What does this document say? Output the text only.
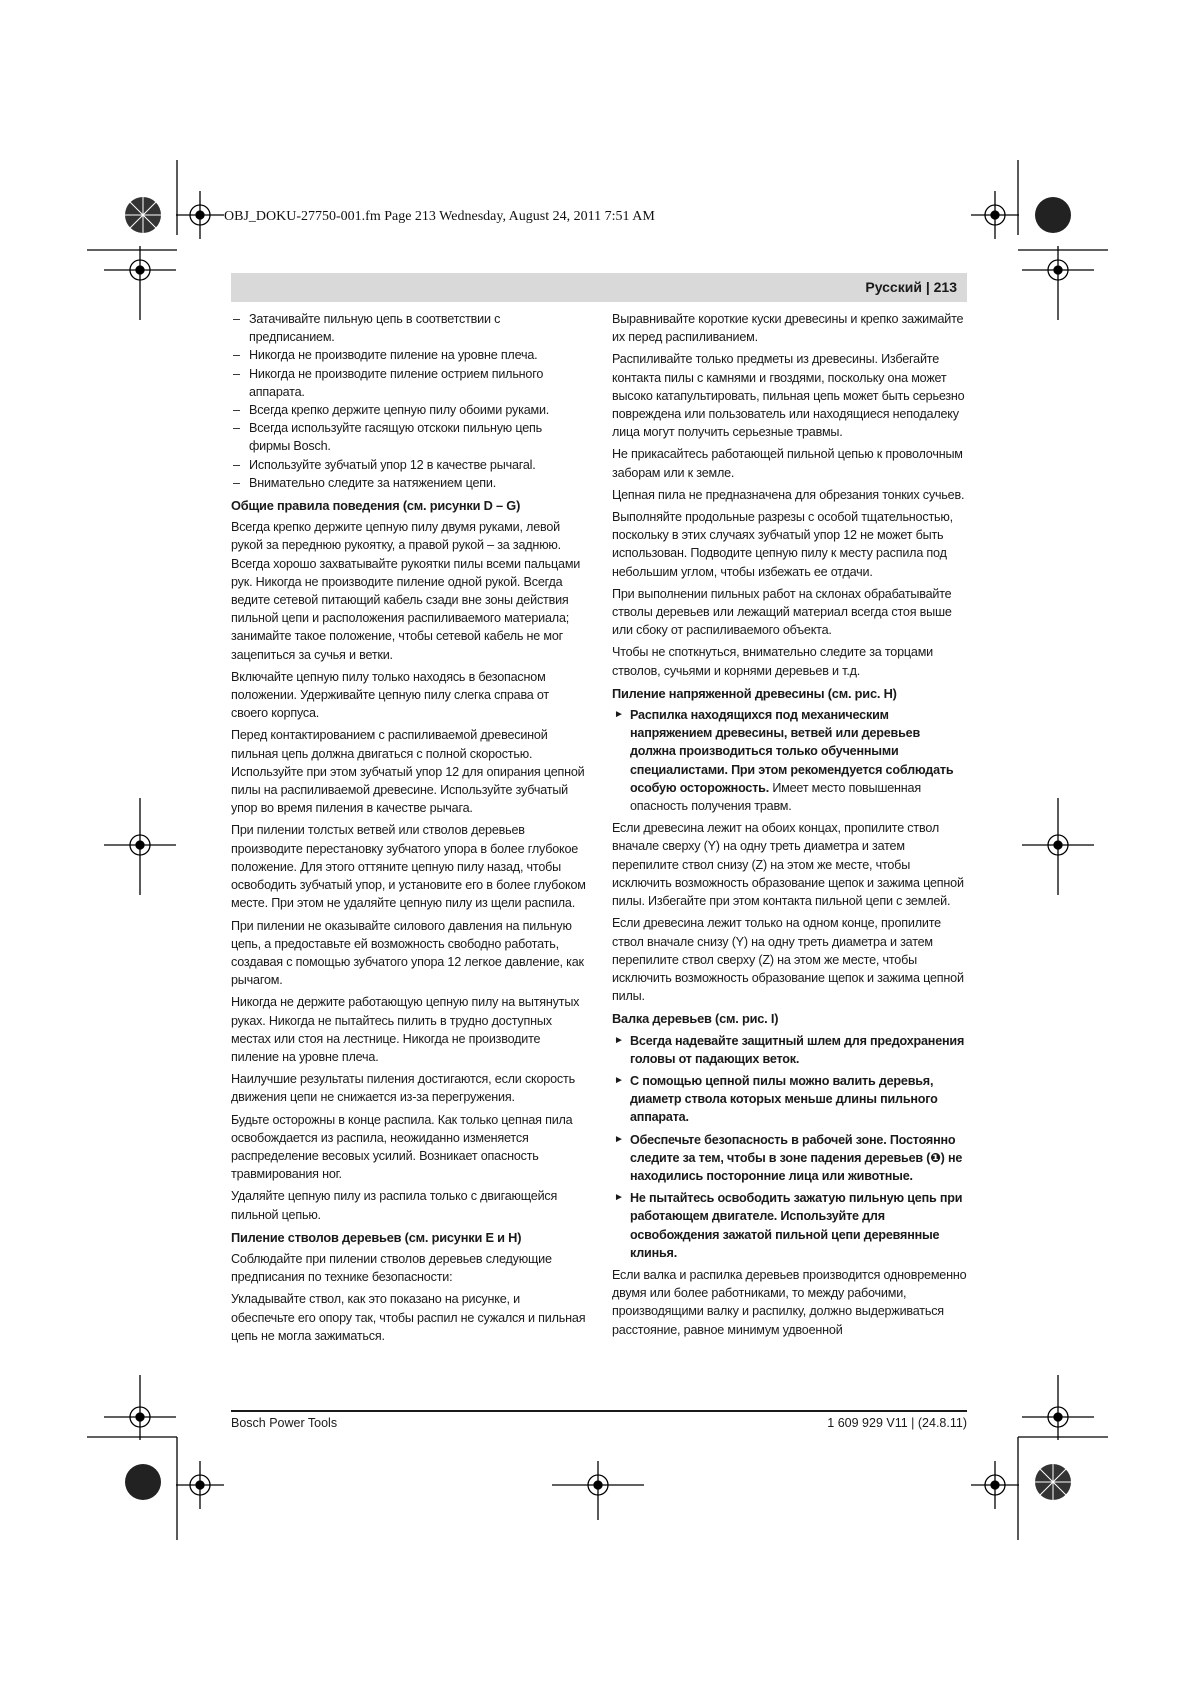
OBJ_DOKU-27750-001.fm Page 213 Wednesday, August 24, 2011 7:51 AM
Русский | 213
– Затачивайте пильную цепь в соответствии с предписанием.
– Никогда не производите пиление на уровне плеча.
– Никогда не производите пиление острием пильного аппарата.
– Всегда крепко держите цепную пилу обоими руками.
– Всегда используйте гасящую отскоки пильную цепь фирмы Bosch.
– Используйте зубчатый упор 12 в качестве рычагаl.
– Внимательно следите за натяжением цепи.
Общие правила поведения (см. рисунки D – G)

Всегда крепко держите цепную пилу двумя руками, левой рукой за переднюю рукоятку, а правой рукой – за заднюю. Всегда хорошо захватывайте рукоятки пилы всеми пальцами рук. Никогда не производите пиление одной рукой. Всегда ведите сетевой питающий кабель сзади вне зоны действия пильной цепи и расположения распиливаемого материала; занимайте такое положение, чтобы сетевой кабель не мог зацепиться за сучья и ветки.

Включайте цепную пилу только находясь в безопасном положении. Удерживайте цепную пилу слегка справа от своего корпуса.

Перед контактированием с распиливаемой древесиной пильная цепь должна двигаться с полной скоростью. Используйте при этом зубчатый упор 12 для опирания цепной пилы на распиливаемой древесине. Используйте зубчатый упор во время пиления в качестве рычага.

При пилении толстых ветвей или стволов деревьев производите перестановку зубчатого упора в более глубокое положение. Для этого оттяните цепную пилу назад, чтобы освободить зубчатый упор, и установите его в более глубоком месте. При этом не удаляйте цепную пилу из щели распила.

При пилении не оказывайте силового давления на пильную цепь, а предоставьте ей возможность свободно работать, создавая с помощью зубчатого упора 12 легкое давление, как рычагом.

Никогда не держите работающую цепную пилу на вытянутых руках. Никогда не пытайтесь пилить в трудно доступных местах или стоя на лестнице. Никогда не производите пиление на уровне плеча.

Наилучшие результаты пиления достигаются, если скорость движения цепи не снижается из-за перегружения.

Будьте осторожны в конце распила. Как только цепная пила освобождается из распила, неожиданно изменяется распределение весовых усилий. Возникает опасность травмирования ног.

Удаляйте цепную пилу из распила только с двигающейся пильной цепью.

Пиление стволов деревьев (см. рисунки E и H)

Соблюдайте при пилении стволов деревьев следующие предписания по технике безопасности:

Укладывайте ствол, как это показано на рисунке, и обеспечьте его опору так, чтобы распил не сужался и пильная цепь не могла зажиматься.

Выравнивайте короткие куски древесины и крепко зажимайте их перед распиливанием.

Распиливайте только предметы из древесины. Избегайте контакта пилы с камнями и гвоздями, поскольку она может высоко катапультировать, пильная цепь может быть серьезно повреждена или пользователь или находящиеся неподалеку лица могут получить серьезные травмы.

Не прикасайтесь работающей пильной цепью к проволочным заборам или к земле.

Цепная пила не предназначена для обрезания тонких сучьев.

Выполняйте продольные разрезы с особой тщательностью, поскольку в этих случаях зубчатый упор 12 не может быть использован. Подводите цепную пилу к месту распила под небольшим углом, чтобы избежать ее отдачи.

При выполнении пильных работ на склонах обрабатывайте стволы деревьев или лежащий материал всегда стоя выше или сбоку от распиливаемого объекта.

Чтобы не споткнуться, внимательно следите за торцами стволов, сучьями и корнями деревьев и т.д.

Пиление напряженной древесины (см. рис. H)
► Распилка находящихся под механическим напряжением древесины, ветвей или деревьев должна производиться только обученными специалистами. При этом рекомендуется соблюдать особую осторожность. Имеет место повышенная опасность получения травм.

Если древесина лежит на обоих концах, пропилите ствол вначале сверху (Y) на одну треть диаметра и затем перепилите ствол снизу (Z) на этом же месте, чтобы исключить возможность образование щепок и зажима цепной пилы. Избегайте при этом контакта пильной цепи с землей.

Если древесина лежит только на одном конце, пропилите ствол вначале снизу (Y) на одну треть диаметра и затем перепилите ствол сверху (Z) на этом же месте, чтобы исключить возможность образование щепок и зажима цепной пилы.

Валка деревьев (см. рис. I)
► Всегда надевайте защитный шлем для предохранения головы от падающих веток.
► С помощью цепной пилы можно валить деревья, диаметр ствола которых меньше длины пильного аппарата.
► Обеспечьте безопасность в рабочей зоне. Постоянно следите за тем, чтобы в зоне падения деревьев (❶) не находились посторонние лица или животные.
► Не пытайтесь освободить зажатую пильную цепь при работающем двигателе. Используйте для освобождения зажатой пильной цепи деревянные клинья.

Если валка и распилка деревьев производится одновременно двумя или более работниками, то между рабочими, производящими валку и распилку, должно выдерживаться расстояние, равное минимум удвоенной

Bosch Power Tools	1 609 929 V11 | (24.8.11)
